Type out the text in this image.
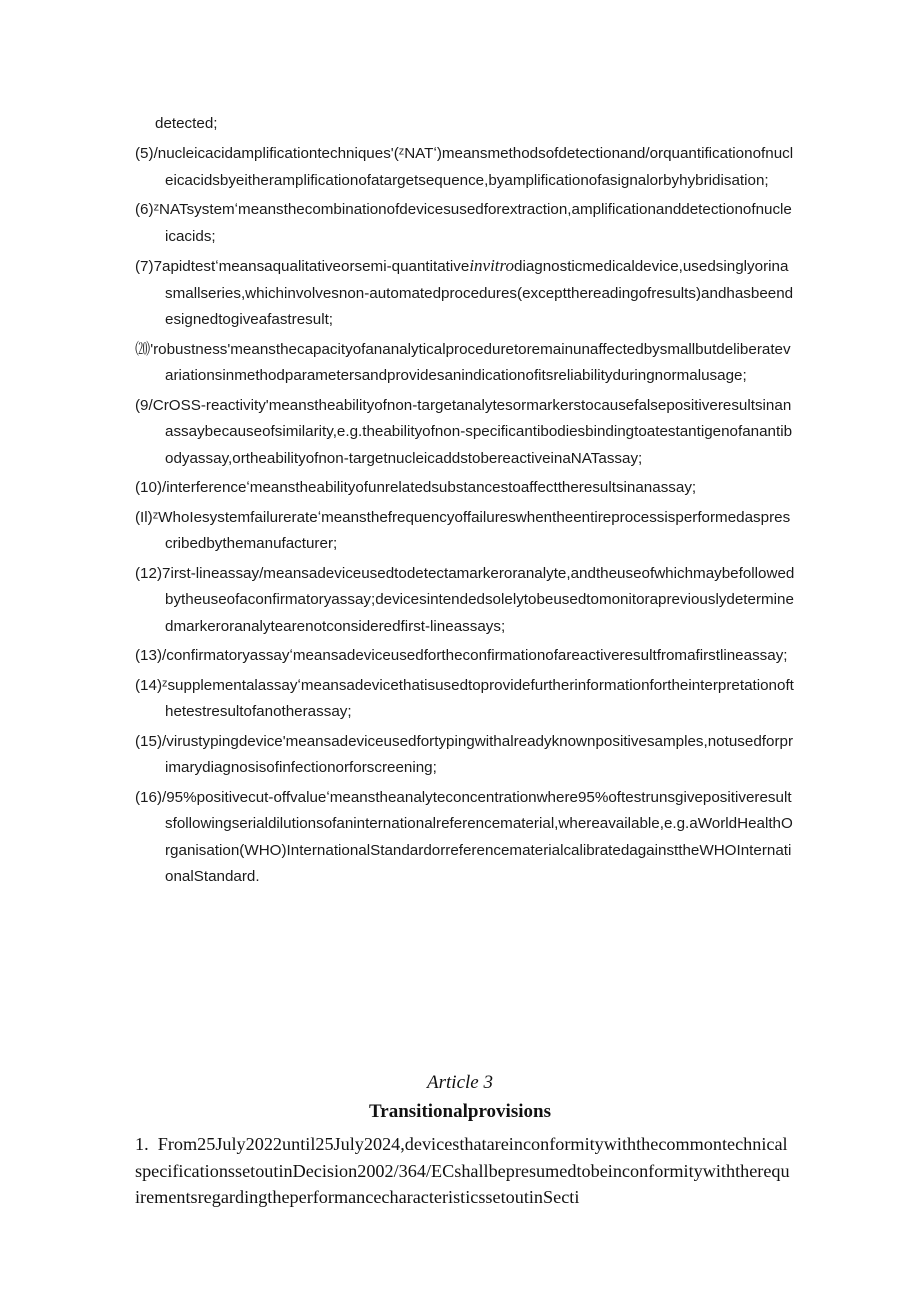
detected;

(5)/nucleicacidamplificationtechniques'(ᶻNATʻ)meansmethodsofdetectionand/orquantificationofnucleicacidsbyeitheramplificationofatargetsequence,byamplificationofasignalorbyhybridisation;
(6)ᶻNATsystemʻmeansthecombinationofdevicesusedforextraction,amplificationanddetectionofnucleicacids;
(7)7apidtestʻmeansaqualitativeorsemi-quantitativeinvitrodiagnosticmedicaldevice,usedsinglyorinasmallseries,whichinvolvesnon-automatedprocedures(exceptthereadingofresults)andhasbeendesignedtogiveafastresult;
⒇'robustness'meansthecapacityofananalyticalproceduretoremainunaffectedbysmallbutdeliberatevariationsinmethodparametersandprovidesanindicationofitsreliabilityduringnormalusage;
(9/CrOSS-reactivity'meanstheabilityofnon-targetanalytesormarkerstocausefalsepositiveresultsinanassaybecauseofsimilarity,e.g.theabilityofnon-specificantibodiesbindingtoatestantigenofanantibodyassay,ortheabilityofnon-targetnucleicaddstobereactiveinaNATassay;
(10)/interferenceʻmeanstheabilityofunrelatedsubstancestoaffecttheresultsinanassay;
(Il)ᶻWhoIesystemfailurerateʻmeansthefrequencyoffailureswhentheentireprocessisperformedasprescribedbythemanufacturer;
(12)7irst-lineassay/meansadeviceusedtodetectamarkeroranalyte,andtheuseofwhichmaybefollowedbytheuseofaconfirmatoryassay;devicesintendedsolelytobeusedtomonitorapreviouslydeterminedmarkeroranalytearenotconsideredfirst-lineassays;
(13)/confirmatoryassayʻmeansadeviceusedfortheconfirmationofareactiveresultfromafirstlineassay;
(14)ᶻsupplementalassayʻmeansadevicethatisusedtoprovidefurtherinformationfortheinterpretationofthetestresultofanotherassay;
(15)/virustypingdevice'meansadeviceusedfortypingwithalreadyknownpositivesamples,notusedforprimarydiagnosisofinfectionorforscreening;
(16)/95%positivecut-offvalueʻmeanstheanalyteconcentrationwhere95%oftestrunsgivepositiveresultsfollowingserialdilutionsofaninternationalreferencematerial,whereavailable,e.g.aWorldHealthOrganisation(WHO)InternationalStandardorreferencematerialcalibratedagainsttheWHOInternationalStandard.

Article 3

Transitionalprovisions

1.  From25July2022until25July2024,devicesthatareinconformitywiththecommontechnicalspecificationssetoutinDecision2002/364/ECshallbepresumedtobeinconformitywiththerequirementsregardingtheperformancecharacteristicssetoutinSecti
